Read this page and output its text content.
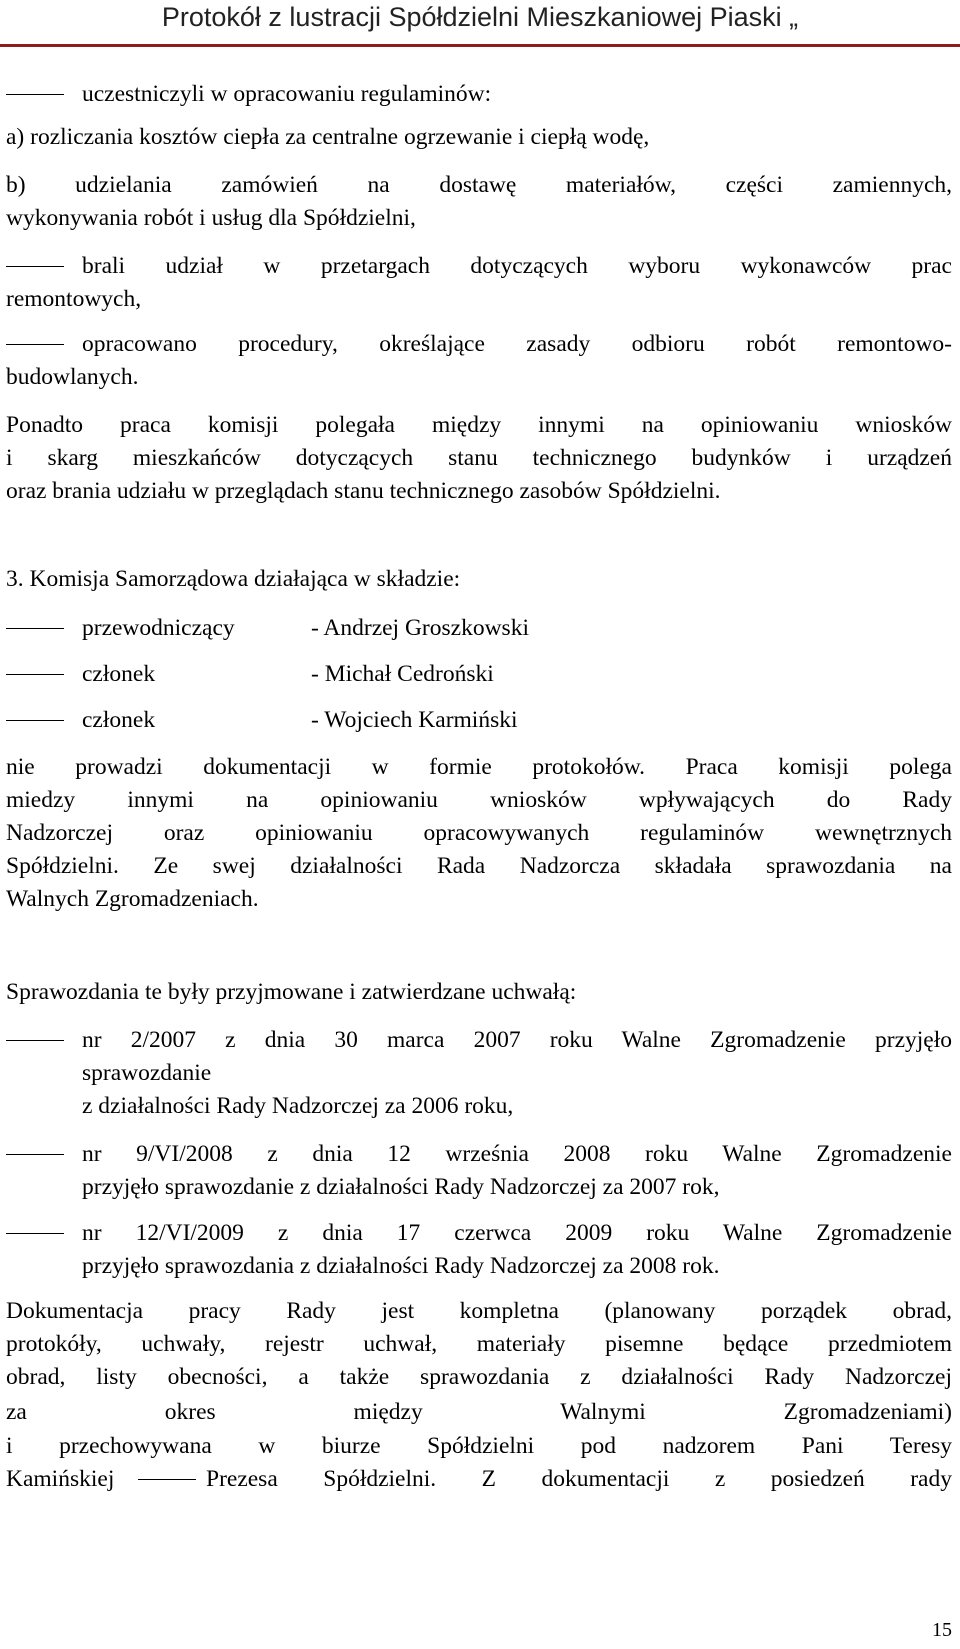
Protokół z lustracji Spółdzielni Mieszkaniowej Piaski „
uczestniczyli w opracowaniu regulaminów:
a) rozliczania kosztów ciepła za centralne ogrzewanie i ciepłą wodę,
b) udzielania zamówień na dostawę materiałów, części zamiennych,
wykonywania robót i usług dla Spółdzielni,
brali udział w przetargach dotyczących wyboru wykonawców prac
remontowych,
opracowano procedury, określające zasady odbioru robót remontowo-
budowlanych.
Ponadto praca komisji polegała między innymi na opiniowaniu wniosków
i skarg mieszkańców dotyczących stanu technicznego budynków i urządzeń
oraz brania udziału w przeglądach stanu technicznego zasobów Spółdzielni.
3. Komisja Samorządowa działająca w składzie:
przewodniczący	- Andrzej Groszkowski
członek	- Michał Cedroński
członek	- Wojciech Karmiński
nie prowadzi dokumentacji w formie protokołów. Praca komisji polega
miedzy innymi na opiniowaniu wniosków wpływających do Rady
Nadzorczej oraz opiniowaniu opracowywanych regulaminów wewnętrznych
Spółdzielni. Ze swej działalności Rada Nadzorcza składała sprawozdania na
Walnych Zgromadzeniach.
Sprawozdania te były przyjmowane i zatwierdzane uchwałą:
nr 2/2007 z dnia 30 marca 2007 roku Walne Zgromadzenie przyjęło
sprawozdanie
z działalności Rady Nadzorczej za 2006 roku,
nr 9/VI/2008 z dnia 12 września 2008 roku Walne Zgromadzenie
przyjęło sprawozdanie z działalności Rady Nadzorczej za 2007 rok,
nr 12/VI/2009 z dnia 17 czerwca 2009 roku Walne Zgromadzenie
przyjęło sprawozdania z działalności Rady Nadzorczej za 2008 rok.
Dokumentacja pracy Rady jest kompletna (planowany porządek obrad,
protokóły, uchwały, rejestr uchwał, materiały pisemne będące przedmiotem
obrad, listy obecności, a także sprawozdania z działalności Rady Nadzorczej
za okres między Walnymi Zgromadzeniami)
i przechowywana w biurze Spółdzielni pod nadzorem Pani Teresy
Kamińskiej	Prezesa Spółdzielni. Z dokumentacji z posiedzeń rady
15
